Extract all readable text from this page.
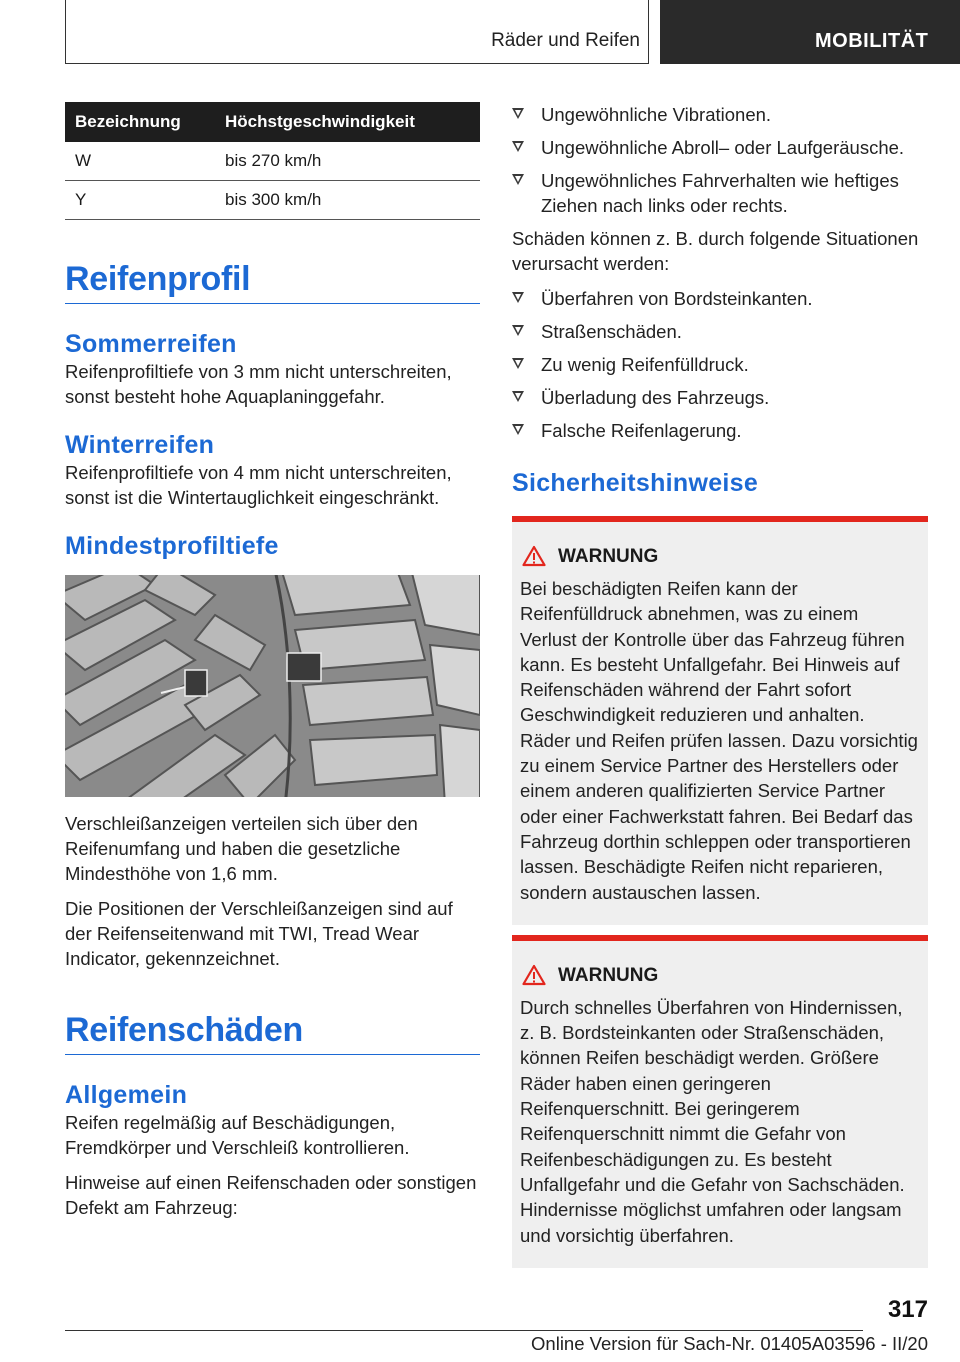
Räder und Reifen	MOBILITÄT
Bezeichnung	Höchstgeschwindigkeit
W	bis 270 km/h
Y	bis 300 km/h
Reifenprofil
Sommerreifen

Reifenprofiltiefe von 3 mm nicht unterschreiten, sonst besteht hohe Aquaplaninggefahr.

Winterreifen

Reifenprofiltiefe von 4 mm nicht unterschreiten, sonst ist die Wintertauglichkeit eingeschränkt.

Mindestprofiltiefe

Verschleißanzeigen verteilen sich über den Reifenumfang und haben die gesetzliche Mindesthöhe von 1,6 mm.

Die Positionen der Verschleißanzeigen sind auf der Reifenseitenwand mit TWI, Tread Wear Indicator, gekennzeichnet.

Reifenschäden
Allgemein

Reifen regelmäßig auf Beschädigungen, Fremdkörper und Verschleiß kontrollieren.

Hinweise auf einen Reifenschaden oder sonstigen Defekt am Fahrzeug:

Ungewöhnliche Vibrationen.
Ungewöhnliche Abroll– oder Laufgeräusche.
Ungewöhnliches Fahrverhalten wie heftiges Ziehen nach links oder rechts.

Schäden können z. B. durch folgende Situationen verursacht werden:

Überfahren von Bordsteinkanten.
Straßenschäden.
Zu wenig Reifenfülldruck.
Überladung des Fahrzeugs.
Falsche Reifenlagerung.
Sicherheitshinweise
WARNUNG

Bei beschädigten Reifen kann der Reifenfülldruck abnehmen, was zu einem Verlust der Kontrolle über das Fahrzeug führen kann. Es besteht Unfallgefahr. Bei Hinweis auf Reifenschäden während der Fahrt sofort Geschwindigkeit reduzieren und anhalten. Räder und Reifen prüfen lassen. Dazu vorsichtig zu einem Service Partner des Herstellers oder einem anderen qualifizierten Service Partner oder einer Fachwerkstatt fahren. Bei Bedarf das Fahrzeug dorthin schleppen oder transportieren lassen. Beschädigte Reifen nicht reparieren, sondern austauschen lassen.

WARNUNG

Durch schnelles Überfahren von Hindernissen, z. B. Bordsteinkanten oder Straßenschäden, können Reifen beschädigt werden. Größere Räder haben einen geringeren Reifenquerschnitt. Bei geringerem Reifenquerschnitt nimmt die Gefahr von Reifenbeschädigungen zu. Es besteht Unfallgefahr und die Gefahr von Sachschäden. Hindernisse möglichst umfahren oder langsam und vorsichtig überfahren.

317
Online Version für Sach-Nr. 01405A03596 - II/20
